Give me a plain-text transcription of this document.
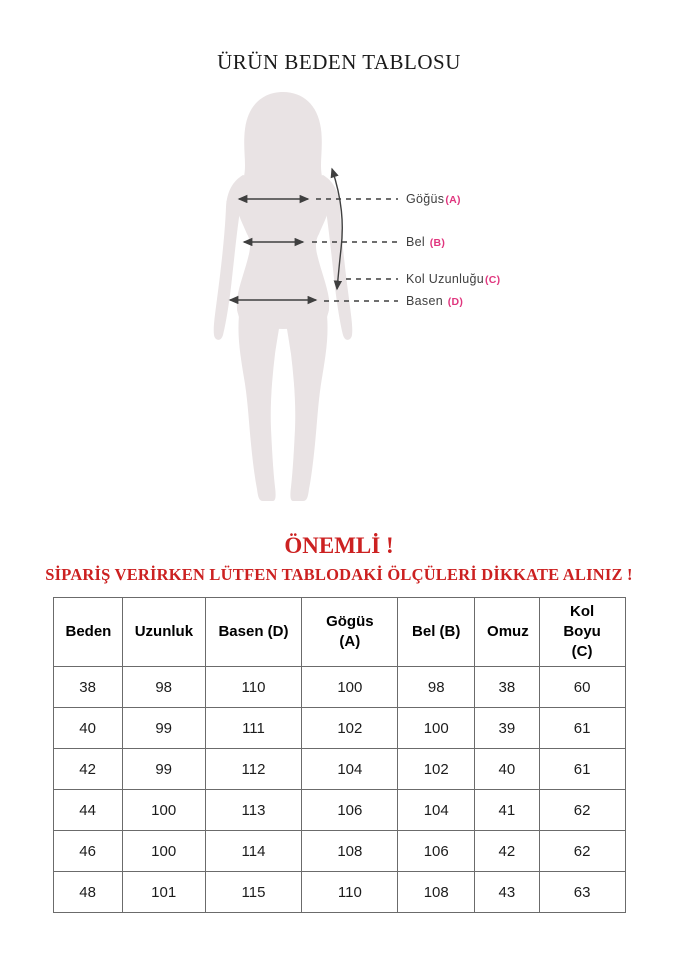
ÜRÜN BEDEN TABLOSU
Göğüs(A)
Bel (B)
Kol Uzunluğu(C)
Basen (D)
ÖNEMLİ !
SİPARİŞ VERİRKEN LÜTFEN TABLODAKİ ÖLÇÜLERİ DİKKATE ALINIZ !
Beden	Uzunluk	Basen (D)	Gögüs (A)	Bel (B)	Omuz	Kol Boyu (C)
38	98	110	100	98	38	60
40	99	111	102	100	39	61
42	99	112	104	102	40	61
44	100	113	106	104	41	62
46	100	114	108	106	42	62
48	101	115	110	108	43	63
